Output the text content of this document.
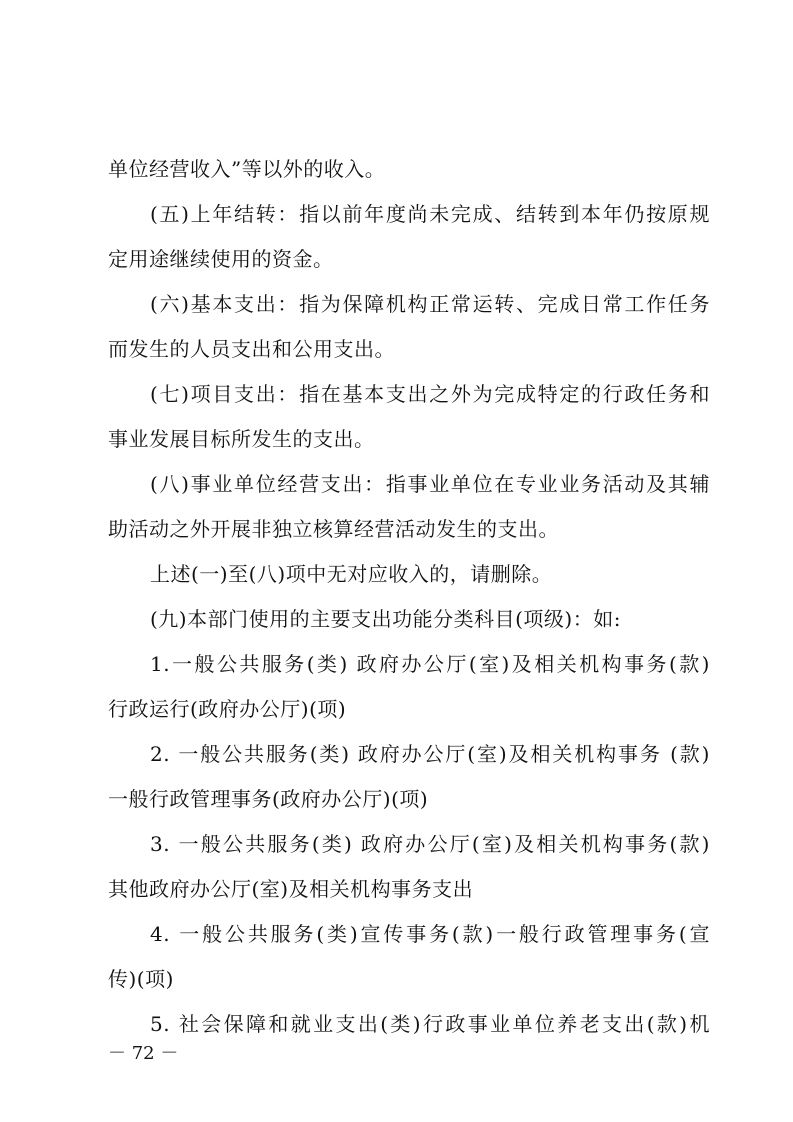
单位经营收入”等以外的收入。
(五)上年结转：指以前年度尚未完成、结转到本年仍按原规
定用途继续使用的资金。
(六)基本支出：指为保障机构正常运转、完成日常工作任务
而发生的人员支出和公用支出。
(七)项目支出：指在基本支出之外为完成特定的行政任务和
事业发展目标所发生的支出。
(八)事业单位经营支出：指事业单位在专业业务活动及其辅
助活动之外开展非独立核算经营活动发生的支出。
上述(一)至(八)项中无对应收入的，请删除。
(九)本部门使用的主要支出功能分类科目(项级)：如:
1.一般公共服务(类) 政府办公厅(室)及相关机构事务(款)
行政运行(政府办公厅)(项)
2. 一般公共服务(类) 政府办公厅(室)及相关机构事务 (款)
一般行政管理事务(政府办公厅)(项)
3. 一般公共服务(类) 政府办公厅(室)及相关机构事务(款)
其他政府办公厅(室)及相关机构事务支出
4. 一般公共服务(类)宣传事务(款)一般行政管理事务(宣
传)(项)
5. 社会保障和就业支出(类)行政事业单位养老支出(款)机
－ 72 －
